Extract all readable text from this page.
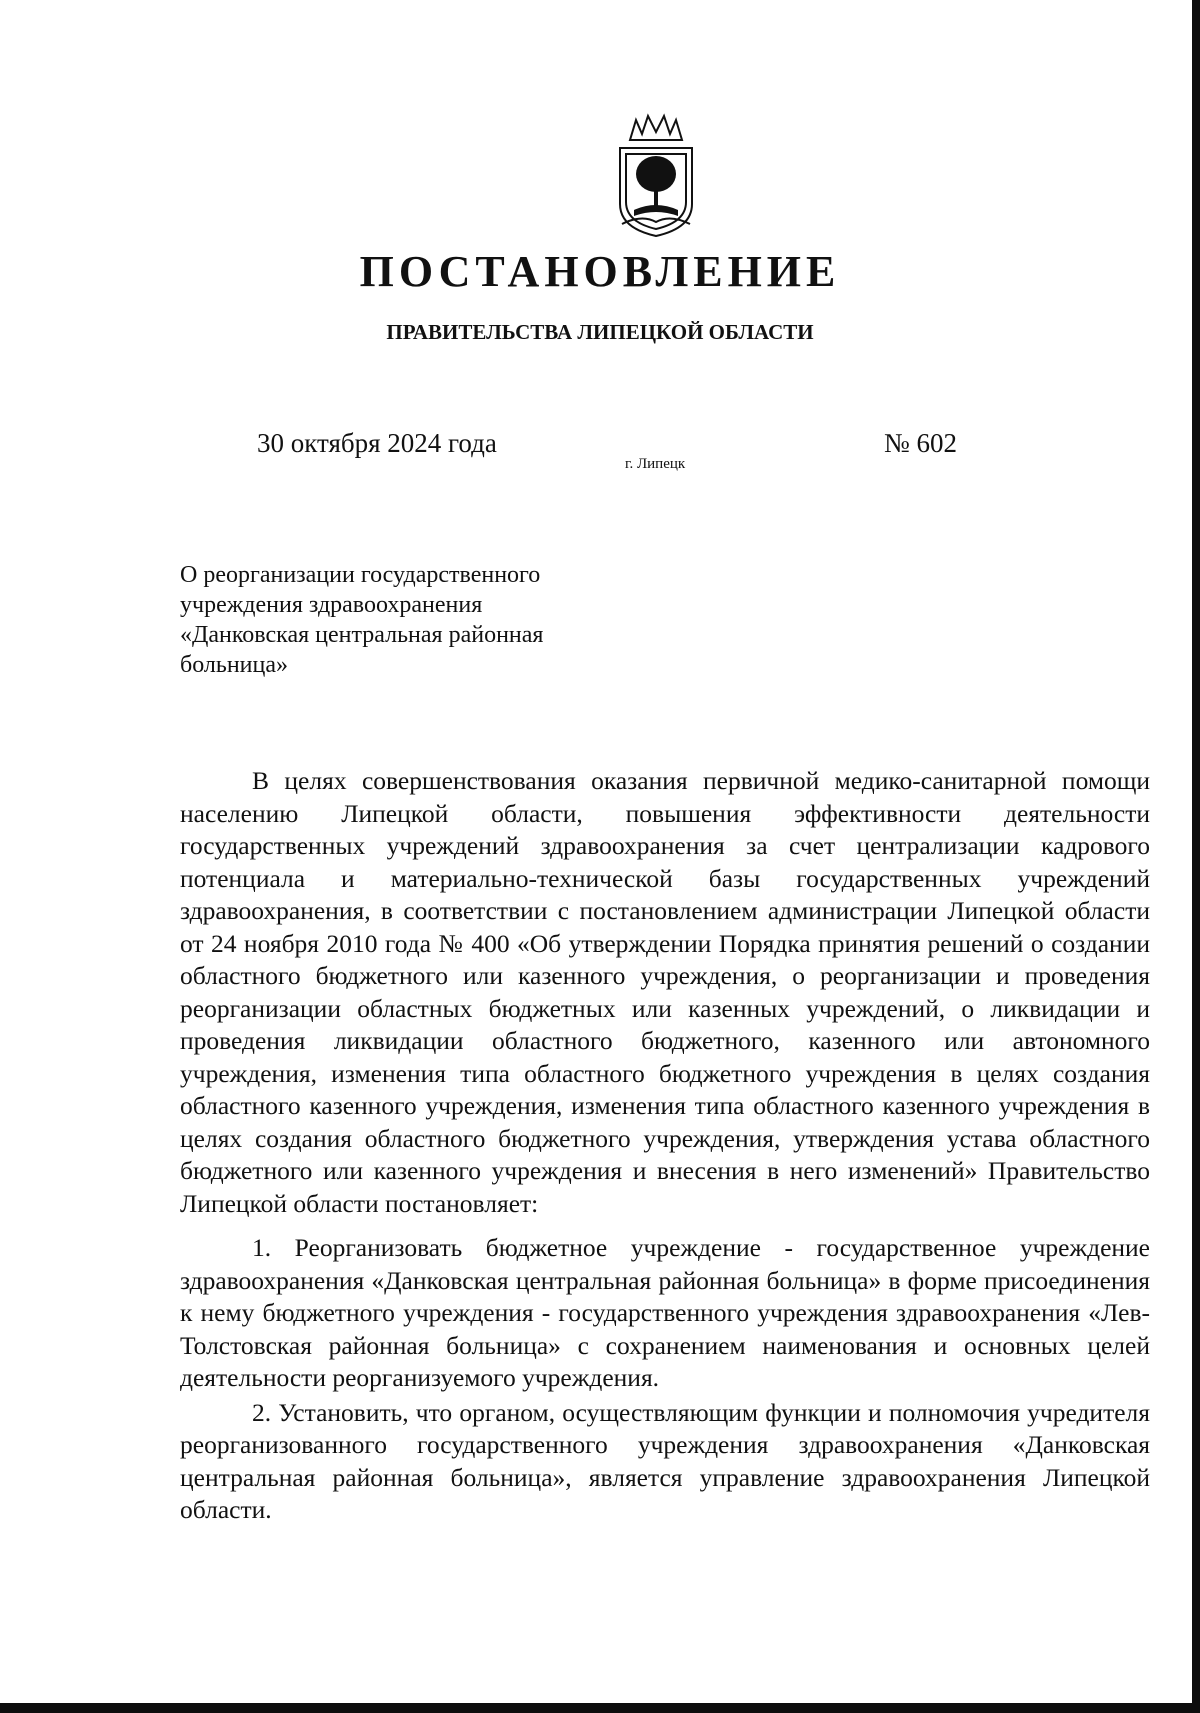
ПОСТАНОВЛЕНИЕ
ПРАВИТЕЛЬСТВА ЛИПЕЦКОЙ ОБЛАСТИ
30 октября 2024 года
г. Липецк
№ 602
О реорганизации государственного
учреждения здравоохранения
«Данковская центральная районная
больница»

В целях совершенствования оказания первичной медико-санитарной помощи населению Липецкой области, повышения эффективности деятельности государственных учреждений здравоохранения за счет централизации кадрового потенциала и материально-технической базы государственных учреждений здравоохранения, в соответствии с постановлением администрации Липецкой области от 24 ноября 2010 года № 400 «Об утверждении Порядка принятия решений о создании областного бюджетного или казенного учреждения, о реорганизации и проведения реорганизации областных бюджетных или казенных учреждений, о ликвидации и проведения ликвидации областного бюджетного, казенного или автономного учреждения, изменения типа областного бюджетного учреждения в целях создания областного казенного учреждения, изменения типа областного казенного учреждения в целях создания областного бюджетного учреждения, утверждения устава областного бюджетного или казенного учреждения и внесения в него изменений» Правительство Липецкой области постановляет:

1. Реорганизовать бюджетное учреждение - государственное учреждение здравоохранения «Данковская центральная районная больница» в форме присоединения к нему бюджетного учреждения - государственного учреждения здравоохранения «Лев-Толстовская районная больница» с сохранением наименования и основных целей деятельности реорганизуемого учреждения.

2. Установить, что органом, осуществляющим функции и полномочия учредителя реорганизованного государственного учреждения здравоохранения «Данковская центральная районная больница», является управление здравоохранения Липецкой области.
